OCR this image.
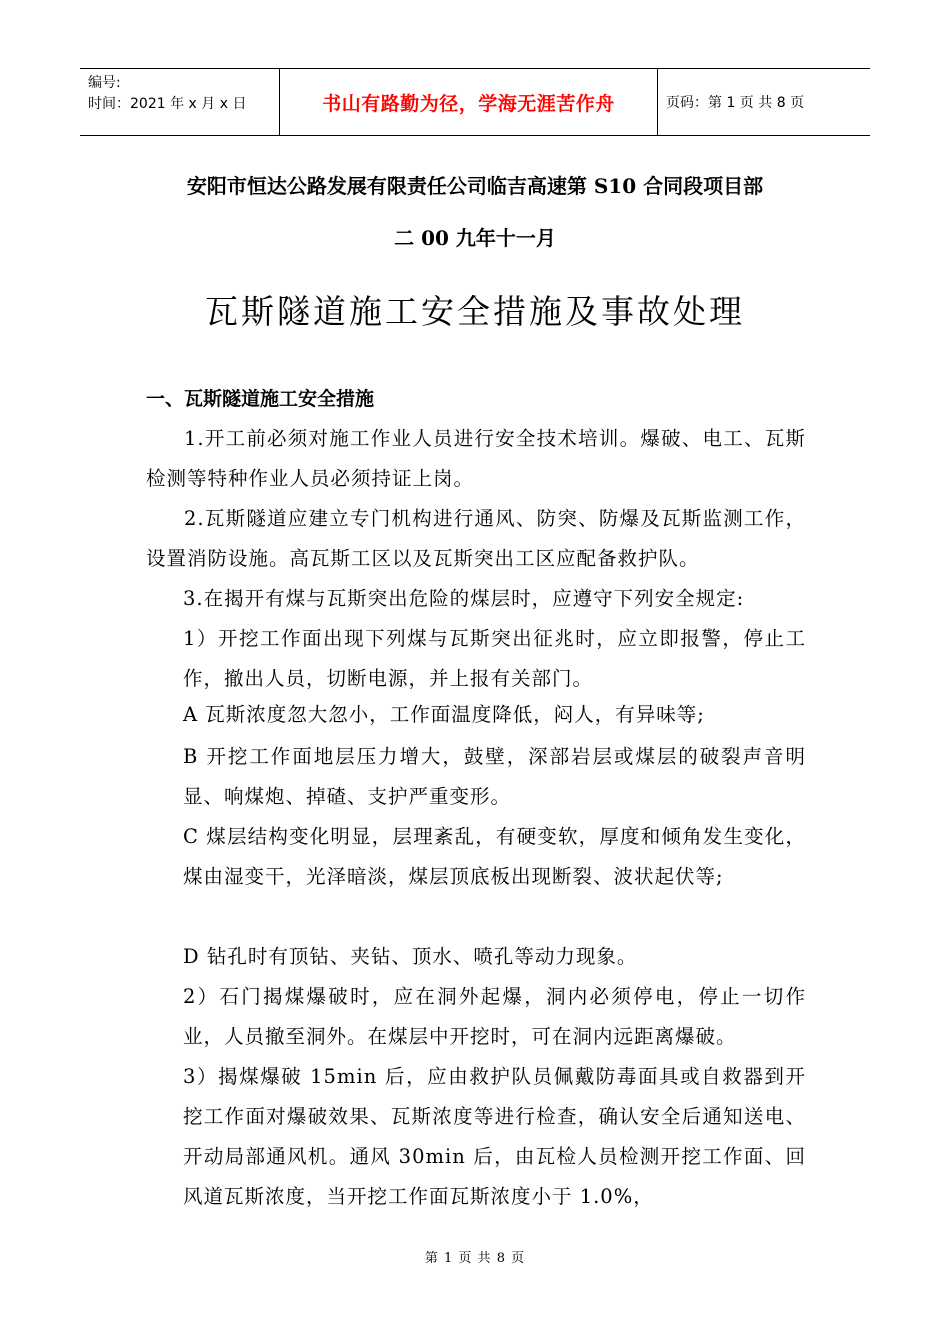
编号:
时间：2021 年 x 月 x 日	书山有路勤为径，学海无涯苦作舟	页码：第 1 页 共 8 页
安阳市恒达公路发展有限责任公司临吉高速第 S10 合同段项目部
二 00 九年十一月
瓦斯隧道施工安全措施及事故处理
一、瓦斯隧道施工安全措施

1.开工前必须对施工作业人员进行安全技术培训。爆破、电工、瓦斯检测等特种作业人员必须持证上岗。

2.瓦斯隧道应建立专门机构进行通风、防突、防爆及瓦斯监测工作，设置消防设施。高瓦斯工区以及瓦斯突出工区应配备救护队。

3.在揭开有煤与瓦斯突出危险的煤层时，应遵守下列安全规定:

1）开挖工作面出现下列煤与瓦斯突出征兆时，应立即报警，停止工作，撤出人员，切断电源，并上报有关部门。

A 瓦斯浓度忽大忽小，工作面温度降低，闷人，有异味等;

B 开挖工作面地层压力增大，鼓壁，深部岩层或煤层的破裂声音明显、响煤炮、掉碴、支护严重变形。

C 煤层结构变化明显，层理紊乱，有硬变软，厚度和倾角发生变化，煤由湿变干，光泽暗淡，煤层顶底板出现断裂、波状起伏等;

D 钻孔时有顶钻、夹钻、顶水、喷孔等动力现象。

2）石门揭煤爆破时，应在洞外起爆，洞内必须停电，停止一切作业，人员撤至洞外。在煤层中开挖时，可在洞内远距离爆破。

3）揭煤爆破 15min 后，应由救护队员佩戴防毒面具或自救器到开挖工作面对爆破效果、瓦斯浓度等进行检查，确认安全后通知送电、开动局部通风机。通风 30min 后，由瓦检人员检测开挖工作面、回风道瓦斯浓度，当开挖工作面瓦斯浓度小于 1.0%，

第 1 页 共 8 页
